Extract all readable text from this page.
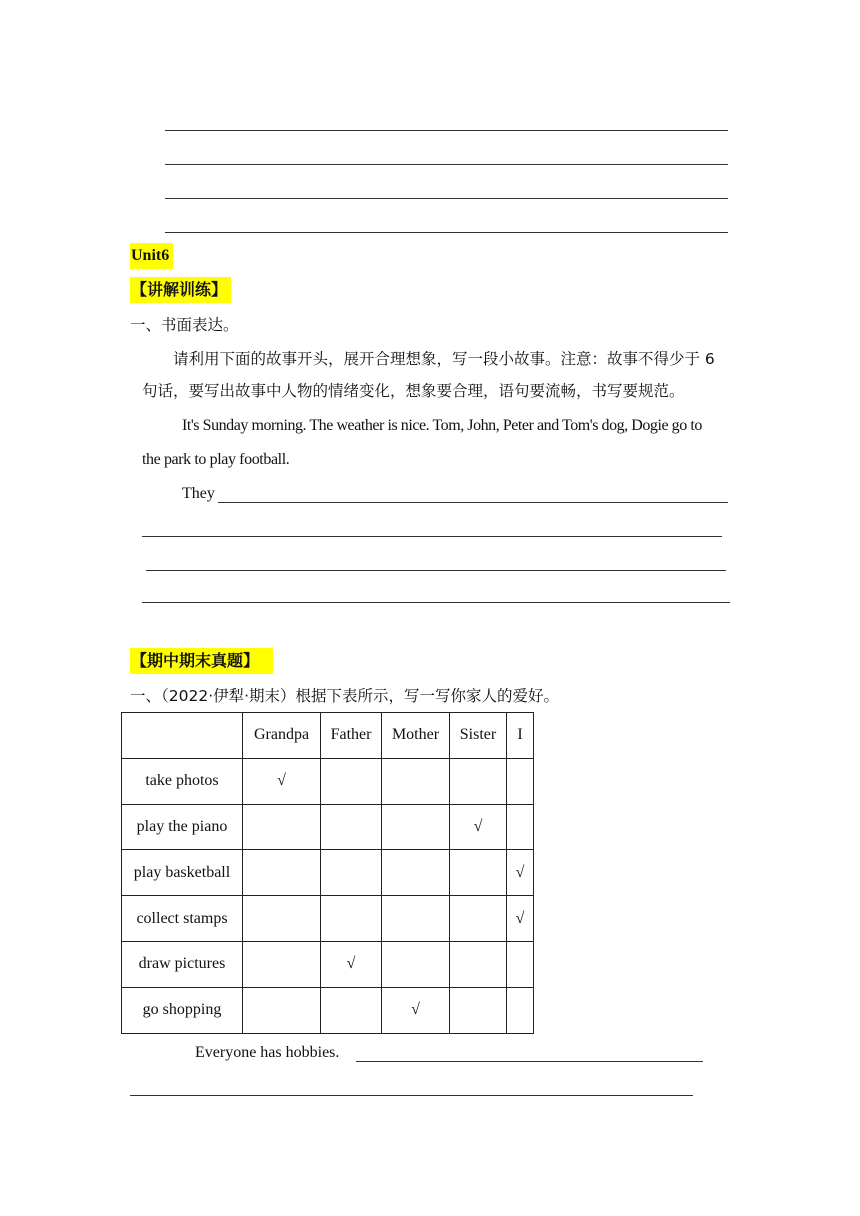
Unit6
【讲解训练】
一、书面表达。
请利用下面的故事开头，展开合理想象，写一段小故事。注意：故事不得少于 6
句话，要写出故事中人物的情绪变化，想象要合理，语句要流畅，书写要规范。
It's Sunday morning. The weather is nice. Tom, John, Peter and Tom's dog, Dogie go to
the park to play football.
They
【期中期末真题】
一、（2022·伊犁·期末）根据下表所示，写一写你家人的爱好。
	Grandpa	Father	Mother	Sister	I
take photos	√				
play the piano				√	
play basketball					√
collect stamps					√
draw pictures		√			
go shopping			√		
Everyone has hobbies.
